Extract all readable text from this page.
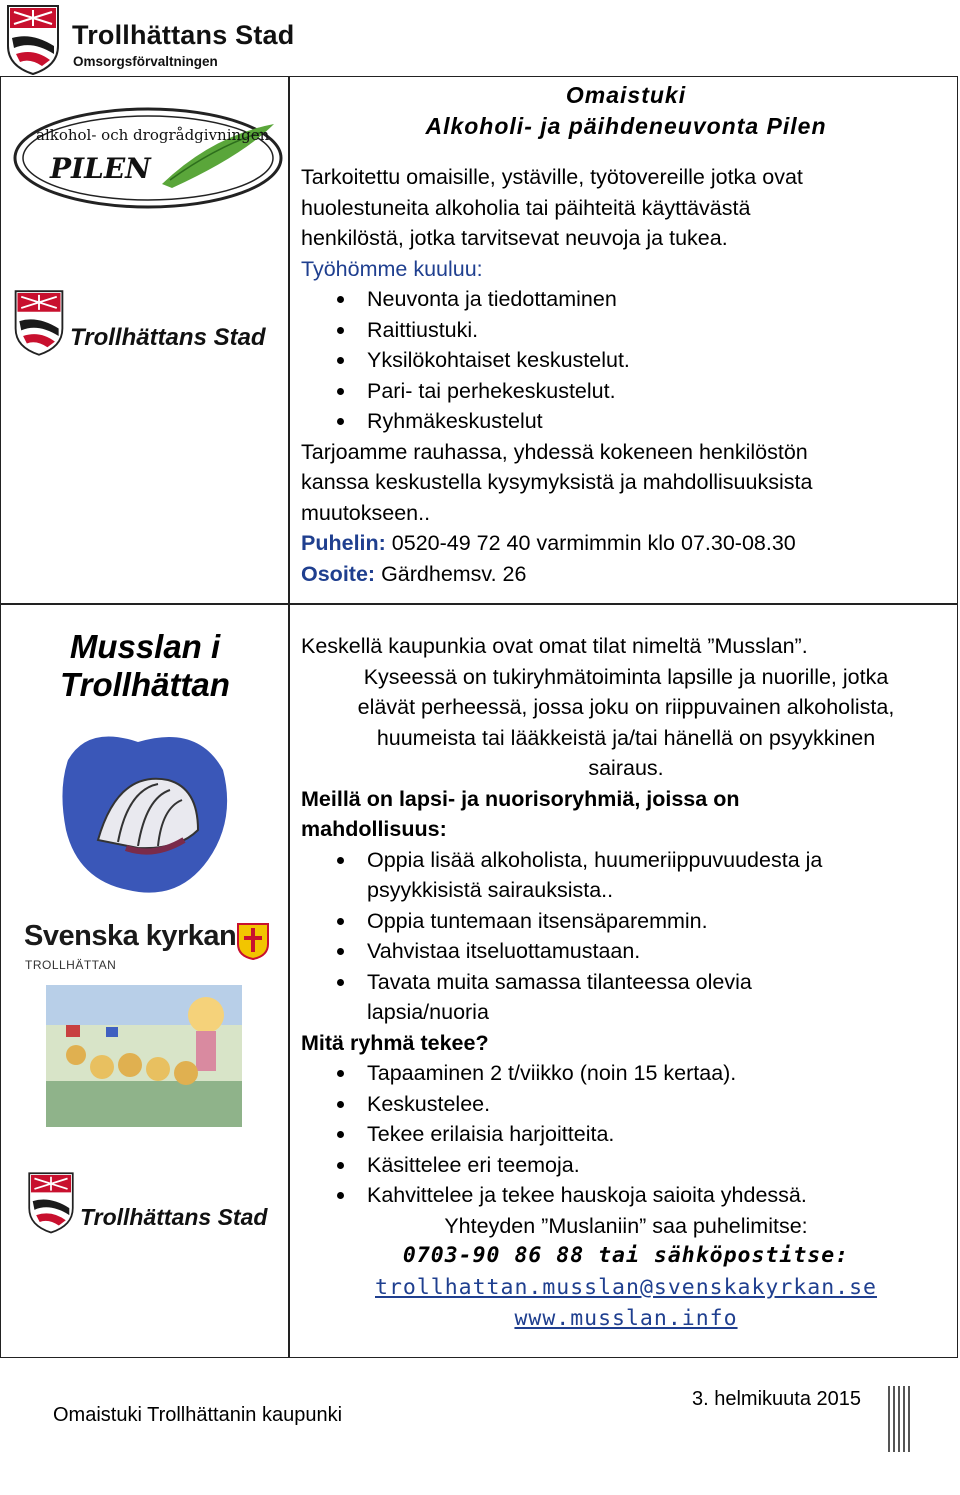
Trollhättans Stad
Omsorgsförvaltningen
alkohol- och drogrådgivningen
PILEN
Trollhättans Stad
Musslan i Trollhättan
Svenska kyrkan
TROLLHÄTTAN
Trollhättans Stad
Omaistuki
Alkoholi- ja päihdeneuvonta Pilen
Tarkoitettu omaisille, ystäville, työtovereille jotka ovat
huolestuneita alkoholia tai päihteitä käyttävästä
henkilöstä, jotka tarvitsevat neuvoja ja tukea.
Työhömme kuuluu:
Neuvonta ja tiedottaminen
Raittiustuki.
Yksilökohtaiset keskustelut.
Pari- tai perhekeskustelut.
Ryhmäkeskustelut
Tarjoamme rauhassa, yhdessä kokeneen henkilöstön
kanssa keskustella kysymyksistä ja mahdollisuuksista
muutokseen..
Puhelin: 0520-49 72 40 varmimmin klo 07.30-08.30
Osoite: Gärdhemsv. 26
Keskellä kaupunkia ovat omat tilat nimeltä ”Musslan”.
Kyseessä on tukiryhmätoiminta lapsille ja nuorille, jotka
elävät perheessä, jossa joku on riippuvainen alkoholista,
huumeista tai lääkkeistä ja/tai hänellä on psyykkinen
sairaus.
Meillä on lapsi- ja nuorisoryhmiä, joissa on
mahdollisuus:
Oppia lisää alkoholista, huumeriippuvuudesta ja
psyykkisistä sairauksista..
Oppia tuntemaan itsensäparemmin.
Vahvistaa itseluottamustaan.
Tavata muita samassa tilanteessa olevia
lapsia/nuoria
Mitä ryhmä tekee?
Tapaaminen 2 t/viikko (noin 15 kertaa).
Keskustelee.
Tekee erilaisia harjoitteita.
Käsittelee eri teemoja.
Kahvittelee ja tekee hauskoja saioita yhdessä.
Yhteyden ”Muslaniin” saa puhelimitse:
0703-90 86 88 tai sähköpostitse:
trollhattan.musslan@svenskakyrkan.se
www.musslan.info
Omaistuki Trollhättanin kaupunki
3. helmikuuta 2015
